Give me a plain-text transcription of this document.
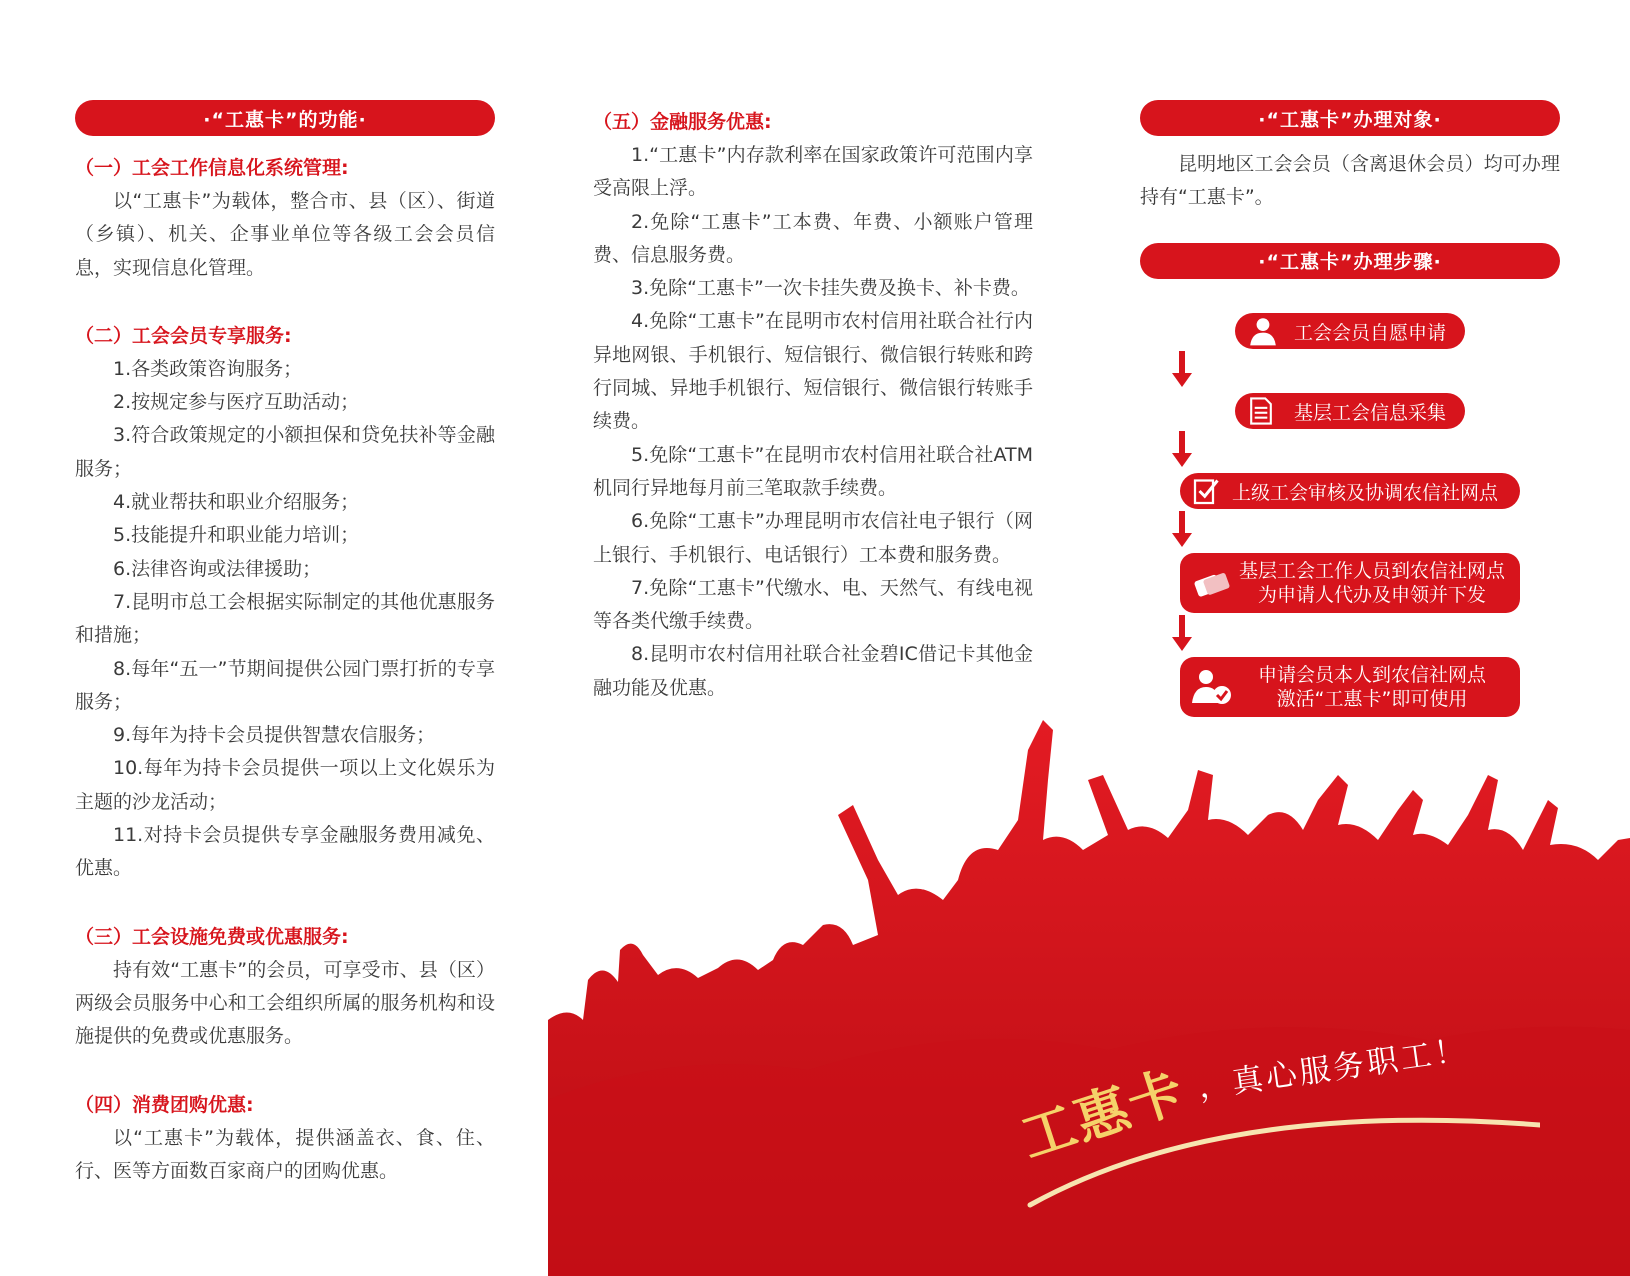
·“工惠卡”的功能·
（一）工会工作信息化系统管理:

以“工惠卡”为载体，整合市、县（区）、街道（乡镇）、机关、企事业单位等各级工会会员信息，实现信息化管理。

（二）工会会员专享服务:

1.各类政策咨询服务；

2.按规定参与医疗互助活动；

3.符合政策规定的小额担保和贷免扶补等金融服务；

4.就业帮扶和职业介绍服务；

5.技能提升和职业能力培训；

6.法律咨询或法律援助；

7.昆明市总工会根据实际制定的其他优惠服务和措施；

8.每年“五一”节期间提供公园门票打折的专享服务；

9.每年为持卡会员提供智慧农信服务；

10.每年为持卡会员提供一项以上文化娱乐为主题的沙龙活动；

11.对持卡会员提供专享金融服务费用减免、优惠。

（三）工会设施免费或优惠服务:

持有效“工惠卡”的会员，可享受市、县（区）两级会员服务中心和工会组织所属的服务机构和设施提供的免费或优惠服务。

（四）消费团购优惠:

以“工惠卡”为载体，提供涵盖衣、食、住、行、医等方面数百家商户的团购优惠。

（五）金融服务优惠:

1.“工惠卡”内存款利率在国家政策许可范围内享受高限上浮。

2.免除“工惠卡”工本费、年费、小额账户管理费、信息服务费。

3.免除“工惠卡”一次卡挂失费及换卡、补卡费。

4.免除“工惠卡”在昆明市农村信用社联合社行内异地网银、手机银行、短信银行、微信银行转账和跨行同城、异地手机银行、短信银行、微信银行转账手续费。

5.免除“工惠卡”在昆明市农村信用社联合社ATM机同行异地每月前三笔取款手续费。

6.免除“工惠卡”办理昆明市农信社电子银行（网上银行、手机银行、电话银行）工本费和服务费。

7.免除“工惠卡”代缴水、电、天然气、有线电视等各类代缴手续费。

8.昆明市农村信用社联合社金碧IC借记卡其他金融功能及优惠。

·“工惠卡”办理对象·

昆明地区工会会员（含离退休会员）均可办理持有“工惠卡”。

·“工惠卡”办理步骤·
工惠卡 ，真心服务职工！
工会会员自愿申请
基层工会信息采集
上级工会审核及协调农信社网点
基层工会工作人员到农信社网点
为申请人代办及申领并下发
申请会员本人到农信社网点
激活“工惠卡”即可使用
